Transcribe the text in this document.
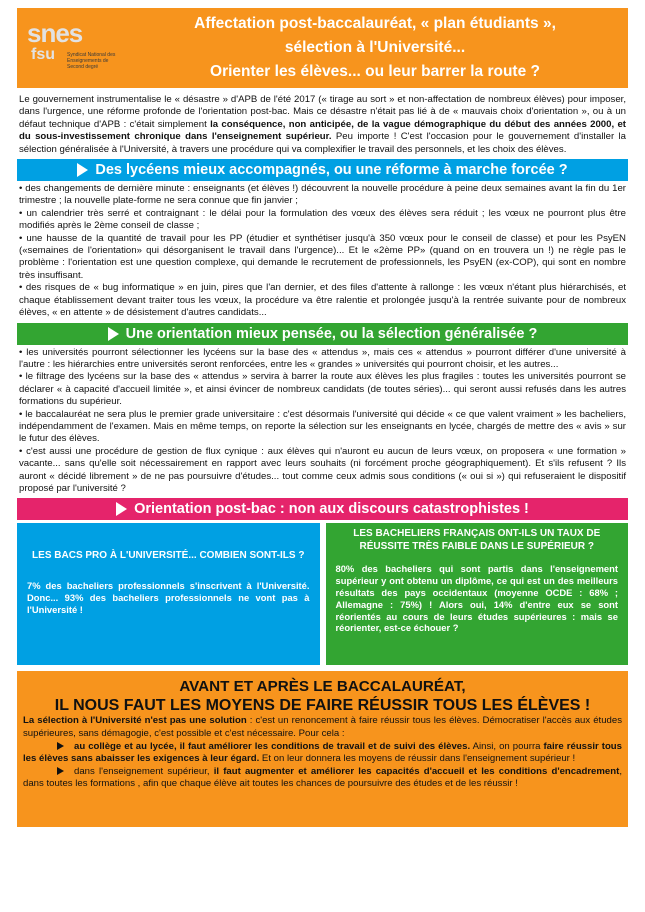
snes
fsu Syndicat National des Enseignements de Second degré
Affectation post-baccalauréat, « plan étudiants »,
sélection à l'Université...
Orienter les élèves... ou leur barrer la route ?
Le gouvernement instrumentalise le « désastre » d'APB de l'été 2017 (« tirage au sort » et non-affectation de nombreux élèves) pour imposer, dans l'urgence, une réforme profonde de l'orientation post-bac. Mais ce désastre n'était pas lié à de « mauvais choix d'orientation », ou à un défaut technique d'APB : c'était simplement la conséquence, non anticipée, de la vague démographique du début des années 2000, et du sous-investissement chronique dans l'enseignement supérieur. Peu importe ! C'est l'occasion pour le gouvernement d'installer la sélection généralisée à l'Université, à travers une procédure qui va complexifier le travail des personnels, et les choix des élèves.
Des lycéens mieux accompagnés, ou une réforme à marche forcée ?
• des changements de dernière minute : enseignants (et élèves !) découvrent la nouvelle procédure à peine deux semaines avant la fin du 1er trimestre ; la nouvelle plate-forme ne sera connue que fin janvier ;
• un calendrier très serré et contraignant : le délai pour la formulation des vœux des élèves sera réduit ; les vœux ne pourront plus être modifiés après le 2ème conseil de classe ;
• une hausse de la quantité de travail pour les PP (étudier et synthétiser jusqu'à 350 vœux pour le conseil de classe) et pour les PsyEN («semaines de l'orientation» qui désorganisent le travail dans l'urgence)... Et le «2ème PP» (quand on en trouvera un !) ne règle pas le problème : l'orientation est une question complexe, qui demande le recrutement de professionnels, les PsyEN (ex-COP), qui sont en nombre très insuffisant.
• des risques de « bug informatique » en juin, pires que l'an dernier, et des files d'attente à rallonge : les vœux n'étant plus hiérarchisés, et chaque établissement devant traiter tous les vœux, la procédure va être ralentie et prolongée jusqu'à la rentrée suivante pour de nombreux élèves, « en attente » de désistement d'autres candidats...
Une orientation mieux pensée, ou la sélection généralisée ?
• les universités pourront sélectionner les lycéens sur la base des « attendus », mais ces « attendus » pourront différer d'une université à l'autre : les hiérarchies entre universités seront renforcées, entre les « grandes » universités qui pourront choisir, et les autres...
• le filtrage des lycéens sur la base des « attendus » servira à barrer la route aux élèves les plus fragiles : toutes les universités pourront se déclarer « à capacité d'accueil limitée », et ainsi évincer de nombreux candidats (de toutes séries)... qui seront aussi refusés dans les autres formations du supérieur.
• le baccalauréat ne sera plus le premier grade universitaire : c'est désormais l'université qui décide « ce que valent vraiment » les bacheliers, indépendamment de l'examen. Mais en même temps, on reporte la sélection sur les enseignants en lycée, chargés de mettre des « avis » sur le futur des élèves.
• c'est aussi une procédure de gestion de flux cynique : aux élèves qui n'auront eu aucun de leurs vœux, on proposera « une formation » vacante... sans qu'elle soit nécessairement en rapport avec leurs souhaits (ni forcément proche géographiquement). Et s'ils refusent ? Ils auront « décidé librement » de ne pas poursuivre d'études... tout comme ceux admis sous conditions (« oui si ») qui refuseraient le dispositif proposé par l'université ?
Orientation post-bac : non aux discours catastrophistes !
LES BACS PRO À L'UNIVERSITÉ... COMBIEN SONT-ILS ?
7% des bacheliers professionnels s'inscrivent à l'Université. Donc... 93% des bacheliers professionnels ne vont pas à l'Université !
LES BACHELIERS FRANÇAIS ONT-ILS UN TAUX DE RÉUSSITE TRÈS FAIBLE DANS LE SUPÉRIEUR ?
80% des bacheliers qui sont partis dans l'enseignement supérieur y ont obtenu un diplôme, ce qui est un des meilleurs résultats des pays occidentaux (moyenne OCDE : 68% ; Allemagne : 75%) ! Alors oui, 14% d'entre eux se sont réorientés au cours de leurs études supérieures : mais se réorienter, est-ce échouer ?
AVANT ET APRÈS LE BACCALAURÉAT,
IL NOUS FAUT LES MOYENS DE FAIRE RÉUSSIR TOUS LES ÉLÈVES !
La sélection à l'Université n'est pas une solution : c'est un renoncement à faire réussir tous les élèves. Démocratiser l'accès aux études supérieures, sans démagogie, c'est possible et c'est nécessaire. Pour cela :
au collège et au lycée, il faut améliorer les conditions de travail et de suivi des élèves. Ainsi, on pourra faire réussir tous les élèves sans abaisser les exigences à leur égard. Et on leur donnera les moyens de réussir dans l'enseignement supérieur !
dans l'enseignement supérieur, il faut augmenter et améliorer les capacités d'accueil et les conditions d'encadrement, dans toutes les formations , afin que chaque élève ait toutes les chances de poursuivre des études et de les réussir !
